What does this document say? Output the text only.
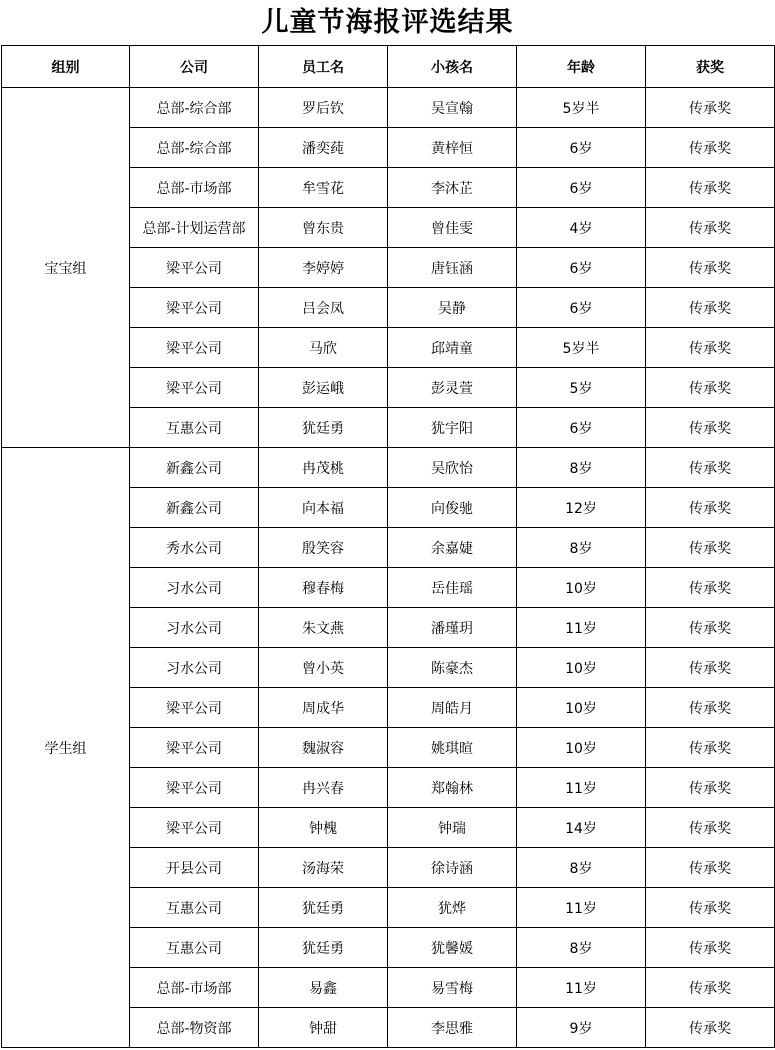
儿童节海报评选结果
组别	公司	员工名	小孩名	年龄	获奖
宝宝组	总部-综合部	罗后钦	吴宣翰	5岁半	传承奖
	总部-综合部	潘奕莼	黄梓恒	6岁	传承奖
	总部-市场部	牟雪花	李沐芷	6岁	传承奖
	总部-计划运营部	曾东贵	曾佳雯	4岁	传承奖
	梁平公司	李婷婷	唐钰涵	6岁	传承奖
	梁平公司	吕会凤	吴静	6岁	传承奖
	梁平公司	马欣	邱靖童	5岁半	传承奖
	梁平公司	彭运峨	彭灵萱	5岁	传承奖
	互惠公司	犹廷勇	犹宇阳	6岁	传承奖
学生组	新鑫公司	冉茂桃	吴欣怡	8岁	传承奖
	新鑫公司	向本福	向俊驰	12岁	传承奖
	秀水公司	殷笑容	余嘉婕	8岁	传承奖
	习水公司	穆春梅	岳佳瑶	10岁	传承奖
	习水公司	朱文燕	潘瑾玥	11岁	传承奖
	习水公司	曾小英	陈豪杰	10岁	传承奖
	梁平公司	周成华	周皓月	10岁	传承奖
	梁平公司	魏淑容	姚琪暄	10岁	传承奖
	梁平公司	冉兴春	郑翰林	11岁	传承奖
	梁平公司	钟槐	钟瑞	14岁	传承奖
	开县公司	汤海荣	徐诗涵	8岁	传承奖
	互惠公司	犹廷勇	犹烨	11岁	传承奖
	互惠公司	犹廷勇	犹馨媛	8岁	传承奖
	总部-市场部	易鑫	易雪梅	11岁	传承奖
	总部-物资部	钟甜	李思雅	9岁	传承奖
